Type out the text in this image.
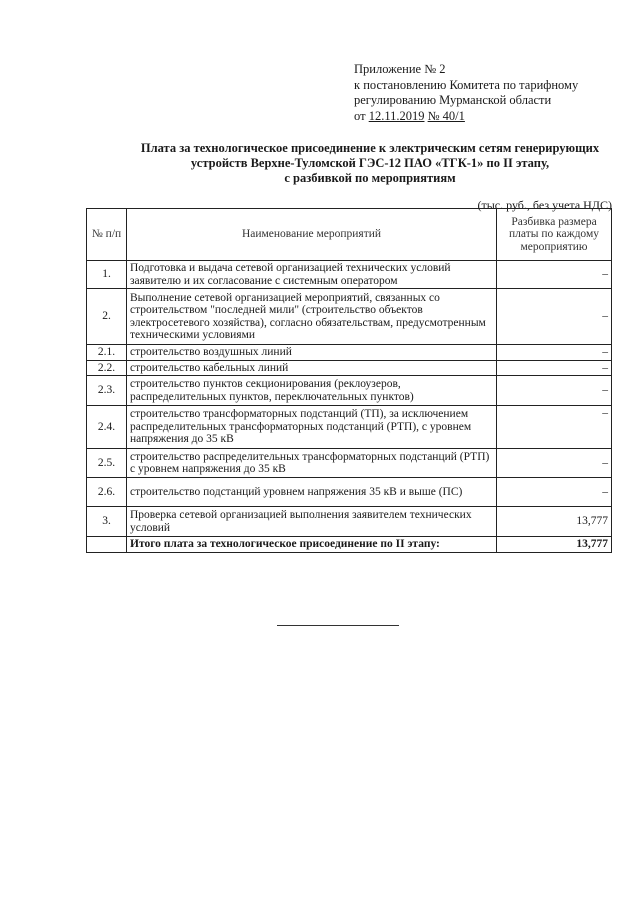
Приложение № 2
к постановлению Комитета по тарифному
регулированию Мурманской области
от 12.11.2019 № 40/1
Плата за технологическое присоединение к электрическим сетям генерирующих
устройств Верхне-Туломской ГЭС-12 ПАО «ТГК-1» по II этапу,
с разбивкой по мероприятиям
(тыс. руб., без учета НДС)
№ п/п	Наименование мероприятий	Разбивка размера платы по каждому мероприятию
1.	Подготовка и выдача сетевой организацией технических условий заявителю и их согласование с системным оператором	–
2.	Выполнение сетевой организацией мероприятий, связанных со строительством "последней мили" (строительство объектов электросетевого хозяйства), согласно обязательствам, предусмотренным техническими условиями	–
2.1.	строительство воздушных линий	–
2.2.	строительство кабельных линий	–
2.3.	строительство пунктов секционирования (реклоузеров, распределительных пунктов, переключательных пунктов)	–
2.4.	строительство трансформаторных подстанций (ТП), за исключением распределительных трансформаторных подстанций (РТП), с уровнем напряжения до 35 кВ	–
2.5.	строительство распределительных трансформаторных подстанций (РТП) с уровнем напряжения до 35 кВ	–
2.6.	строительство подстанций уровнем напряжения 35 кВ и выше (ПС)	–
3.	Проверка сетевой организацией выполнения заявителем технических условий	13,777
	Итого плата за технологическое присоединение по II этапу:	13,777
